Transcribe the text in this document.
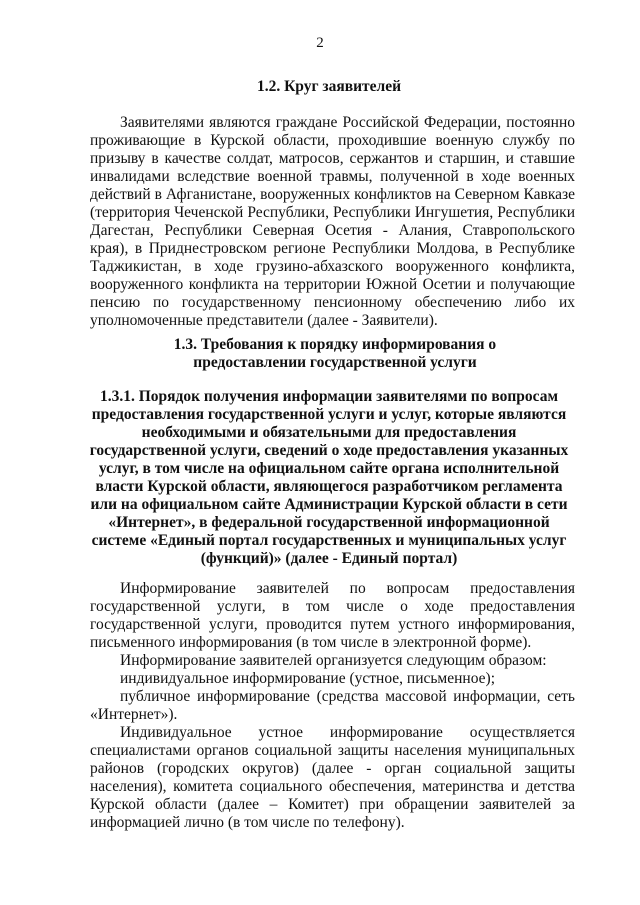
2
1.2. Круг заявителей
Заявителями являются граждане Российской Федерации, постоянно проживающие в Курской области, проходившие военную службу по призыву в качестве солдат, матросов, сержантов и старшин, и ставшие инвалидами вследствие военной травмы, полученной в ходе военных действий в Афганистане, вооруженных конфликтов на Северном Кавказе (территория Чеченской Республики, Республики Ингушетия, Республики Дагестан, Республики Северная Осетия - Алания, Ставропольского края), в Приднестровском регионе Республики Молдова, в Республике Таджикистан, в ходе грузино-абхазского вооруженного конфликта, вооруженного конфликта на территории Южной Осетии и получающие пенсию по государственному пенсионному обеспечению либо их уполномоченные представители (далее - Заявители).
1.3. Требования к порядку информирования о предоставлении государственной услуги
1.3.1. Порядок получения информации заявителями по вопросам предоставления государственной услуги и услуг, которые являются необходимыми и обязательными для предоставления государственной услуги, сведений о ходе предоставления указанных услуг, в том числе на официальном сайте органа исполнительной власти Курской области, являющегося разработчиком регламента или на официальном сайте Администрации Курской области в сети «Интернет», в федеральной государственной информационной системе «Единый портал государственных и муниципальных услуг (функций)» (далее - Единый портал)
Информирование заявителей по вопросам предоставления государственной услуги, в том числе о ходе предоставления государственной услуги, проводится путем устного информирования, письменного информирования (в том числе в электронной форме).
Информирование заявителей организуется следующим образом:
индивидуальное информирование (устное, письменное);
публичное информирование (средства массовой информации, сеть «Интернет»).
Индивидуальное устное информирование осуществляется специалистами органов социальной защиты населения муниципальных районов (городских округов) (далее - орган социальной защиты населения), комитета социального обеспечения, материнства и детства Курской области (далее – Комитет) при обращении заявителей за информацией лично (в том числе по телефону).
